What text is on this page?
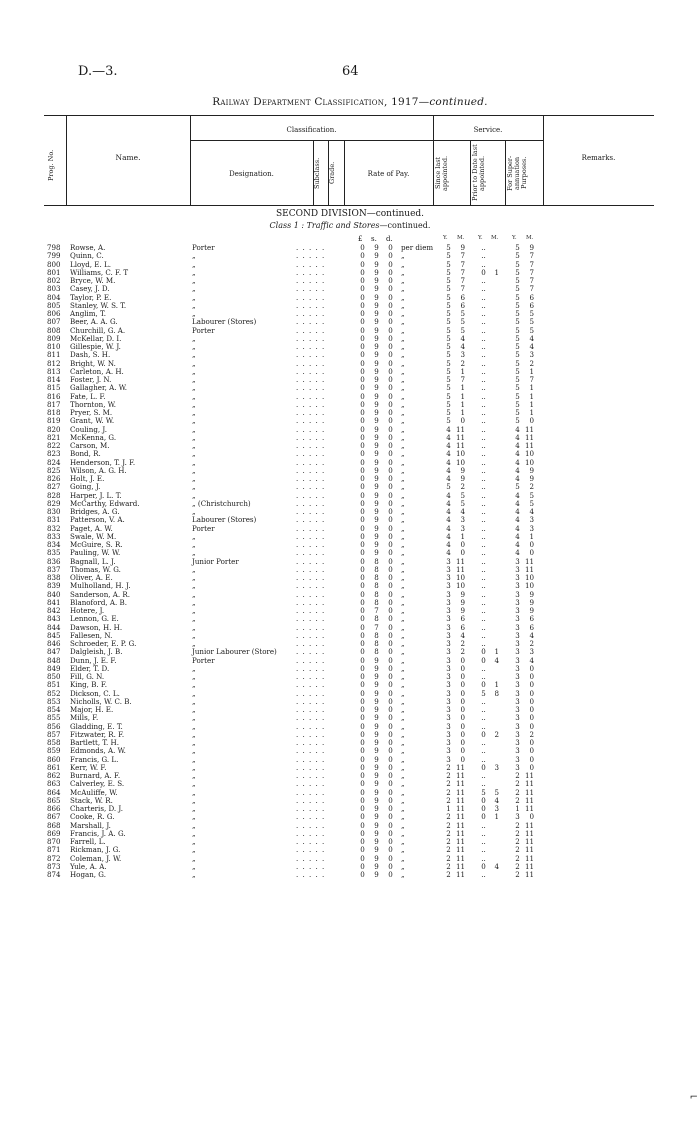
D.—3.	64
Railway Department Classification, 1917—continued.
Prog. No.	Name.
Classification.
Designation.	Subclass.	Grade.	Rate of Pay.
Service.
Since last appointed.	Prior to Date last appointed.	For Super-annuation Purposes.	Remarks.
SECOND DIVISION—continued.
Class 1 : Traffic and Stores—continued.
£ s. d.	Y. M. Y. M. Y. M.
798 Rowse, A.	Porter	0	9	0	per diem	5	9	..	5	9
. . . . .
799 Quinn, C.	„	0	9	0	„	5	7	..	5	7
. . . . .
800 Lloyd, E. L.	„	0	9	0	„	5	7	..	5	7
. . . . .
801 Williams, C. F. T	„	0	9	0	„	5	7	0	1	5	7
. . . . .
802 Bryce, W. M.	„	0	9	0	„	5	7	..	5	7
. . . . .
803 Casey, J. D.	„	0	9	0	„	5	7	..	5	7
. . . . .
804 Taylor, P. E.	„	0	9	0	„	5	6	..	5	6
. . . . .
805 Stanley, W. S. T.	„	0	9	0	„	5	6	..	5	6
. . . . .
806 Anglim, T.	„	0	9	0	„	5	5	..	5	5
. . . . .
807 Beer, A. A. G.	Labourer (Stores)	0	9	0	„	5	5	..	5	5
. . . . .
808 Churchill, G. A.	Porter	0	9	0	„	5	5	..	5	5
. . . . .
809 McKellar, D. I.	„	0	9	0	„	5	4	..	5	4
. . . . .
810 Gillespie, W. J.	„	0	9	0	„	5	4	..	5	4
. . . . .
811 Dash, S. H.	„	0	9	0	„	5	3	..	5	3
. . . . .
812 Bright, W. N.	„	0	9	0	„	5	2	..	5	2
. . . . .
813 Carleton, A. H.	„	0	9	0	„	5	1	..	5	1
. . . . .
814 Foster, J. N.	„	0	9	0	„	5	7	..	5	7
. . . . .
815 Gallagher, A. W.	„	0	9	0	„	5	1	..	5	1
. . . . .
816 Fate, L. F.	„	0	9	0	„	5	1	..	5	1
. . . . .
817 Thornton, W.	„	0	9	0	„	5	1	..	5	1
. . . . .
818 Pryer, S. M.	„	0	9	0	„	5	1	..	5	1
. . . . .
819 Grant, W. W.	„	0	9	0	„	5	0	..	5	0
. . . . .
820 Couling, J.	„	0	9	0	„	4 11	..	4 11
. . . . .
821 McKenna, G.	„	0	9	0	„	4 11	..	4 11
. . . . .
822 Carson, M.	„	0	9	0	„	4 11	..	4 11
. . . . .
823 Bond, R.	„	0	9	0	„	4 10	..	4 10
. . . . .
824 Henderson, T. J. F.	„	0	9	0	„	4 10	..	4 10
. . . . .
825 Wilson, A. G. H.	„	0	9	0	„	4	9	..	4	9
. . . . .
826 Holt, J. E.	„	0	9	0	„	4	9	..	4	9
. . . . .
827 Going, J.	„	0	9	0	„	5	2	..	5	2
. . . . .
828 Harper, J. L. T.	„	0	9	0	„	4	5	..	4	5
. . . . .
829 McCarthy, Edward.	„ (Christchurch)	0	9	0	„	4	5	..	4	5
. . . . .
830 Bridges, A. G.	„	0	9	0	„	4	4	..	4	4
. . . . .
831 Patterson, V. A.	Labourer (Stores)	0	9	0	„	4	3	..	4	3
. . . . .
832 Paget, A. W.	Porter	0	9	0	„	4	3	..	4	3
. . . . .
833 Swale, W. M.	„	0	9	0	„	4	1	..	4	1
. . . . .
834 McGuire, S. R.	„	0	9	0	„	4	0	..	4	0
. . . . .
835 Pauling, W. W.	„	0	9	0	„	4	0	..	4	0
. . . . .
836 Bagnall, L. J.	Junior Porter	0	8	0	„	3 11	..	3 11
. . . . .
837 Thomas, W. G.	„	0	8	0	„	3 11	..	3 11
. . . . .
838 Oliver, A. E.	„	0	8	0	„	3 10	..	3 10
. . . . .
839 Mulholland, H. J.	„	0	8	0	„	3 10	..	3 10
. . . . .
840 Sanderson, A. R.	„	0	8	0	„	3	9	..	3	9
. . . . .
841 Blanoford, A. B.	„	0	8	0	„	3	9	..	3	9
. . . . .
842 Hotere, J.	„	0	7	0	„	3	9	..	3	9
. . . . .
843 Lennon, G. E.	„	0	8	0	„	3	6	..	3	6
. . . . .
844 Dawson, H. H.	„	0	7	0	„	3	6	..	3	6
. . . . .
845 Fallesen, N.	„	0	8	0	„	3	4	..	3	4
. . . . .
846 Schroeder, E. P. G.	„	0	8	0	„	3	2	..	3	2
. . . . .
847 Dalgleish, J. B.	Junior Labourer (Store)	0	8	0	„	3	2	0	1	3	3
. . . . .
848 Dunn, J. E. F.	Porter	0	9	0	„	3	0	0	4	3	4
. . . . .
849 Elder, T. D.	„	0	9	0	„	3	0	..	3	0
. . . . .
850 Fill, G. N.	„	0	9	0	„	3	0	..	3	0
. . . . .
851 King, B. F.	„	0	9	0	„	3	0	0	1	3	0
. . . . .
852 Dickson, C. L.	„	0	9	0	„	3	0	5	8	3	0
. . . . .
853 Nicholls, W. C. B.	„	0	9	0	„	3	0	..	3	0
. . . . .
854 Major, H. E.	„	0	9	0	„	3	0	..	3	0
. . . . .
855 Mills, F.	„	0	9	0	„	3	0	..	3	0
. . . . .
856 Gladding, E. T.	„	0	9	0	„	3	0	..	3	0
. . . . .
857 Fitzwater, R. F.	„	0	9	0	„	3	0	0	2	3	2
. . . . .
858 Bartlett, T. H.	„	0	9	0	„	3	0	..	3	0
. . . . .
859 Edmonds, A. W.	„	0	9	0	„	3	0	..	3	0
. . . . .
860 Francis, G. L.	„	0	9	0	„	3	0	..	3	0
. . . . .
861 Kerr, W. F.	„	0	9	0	„	2 11	0	3	3	0
. . . . .
862 Burnard, A. F.	„	0	9	0	„	2 11	..	2 11
. . . . .
863 Calverley, E. S.	„	0	9	0	„	2 11	..	2 11
. . . . .
864 McAuliffe, W.	„	0	9	0	„	2 11	5	5	2 11
. . . . .
865 Stack, W. R.	„	0	9	0	„	2 11	0	4	2 11
. . . . .
866 Charteris, D. J.	„	0	9	0	„	1 11	0	3	1 11
. . . . .
867 Cooke, R. G.	„	0	9	0	„	2 11	0	1	3	0
. . . . .
868 Marshall, J.	„	0	9	0	„	2 11	..	2 11
. . . . .
869 Francis, J. A. G.	„	0	9	0	„	2 11	..	2 11
. . . . .
870 Farrell, L.	„	0	9	0	„	2 11	..	2 11
. . . . .
871 Rickman, J. G.	„	0	9	0	„	2 11	..	2 11
. . . . .
872 Coleman, J. W.	„	0	9	0	„	2 11	..	2 11
. . . . .
873 Yule, A. A.	„	0	9	0	„	2 11	0	4	2 11
. . . . .
874 Hogan, G.	„	0	9	0	„	2 11	..	2 11
. . . . .
⌐
